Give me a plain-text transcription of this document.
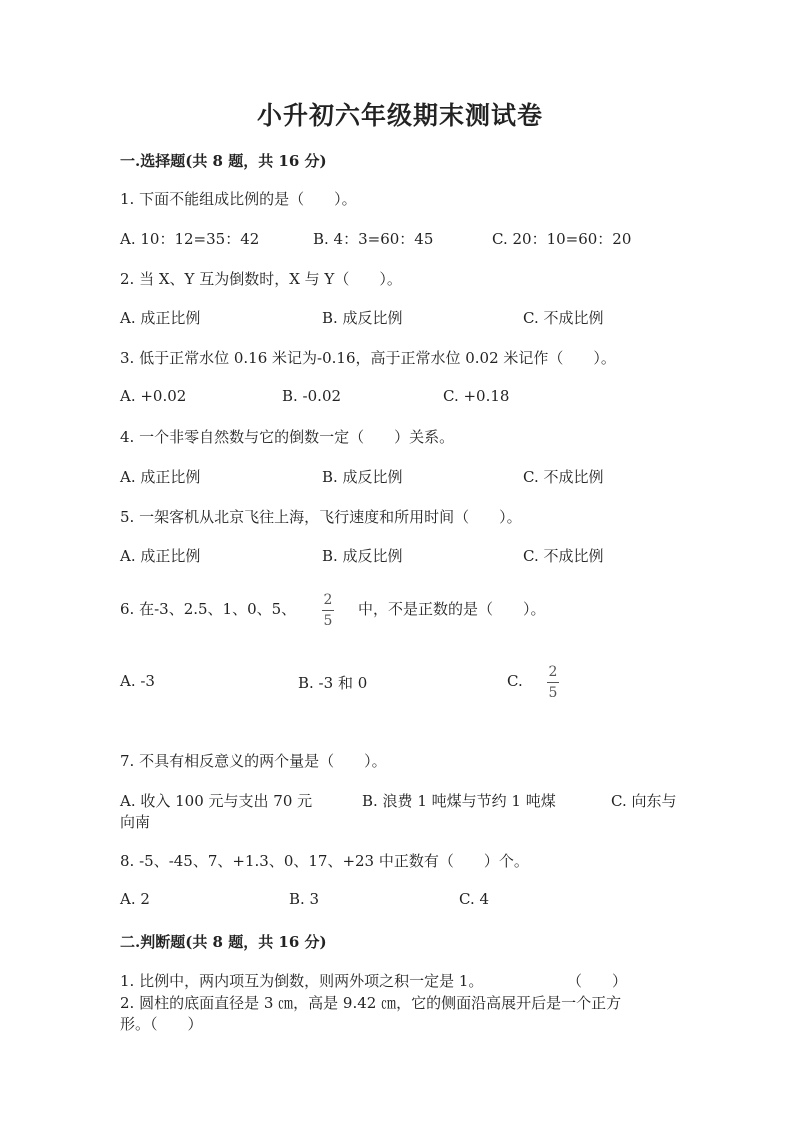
小升初六年级期末测试卷
一.选择题(共 8 题，共 16 分)
1. 下面不能组成比例的是（　　）。
A. 10：12=35：42	B. 4：3=60：45	C. 20：10=60：20
2. 当 X、Y 互为倒数时，X 与 Y（　　）。
A. 成正比例	B. 成反比例	C. 不成比例
3. 低于正常水位 0.16 米记为-0.16，高于正常水位 0.02 米记作（　　）。
A. +0.02	B. -0.02	C. +0.18
4. 一个非零自然数与它的倒数一定（　　）关系。
A. 成正比例	B. 成反比例	C. 不成比例
5. 一架客机从北京飞往上海，飞行速度和所用时间（　　）。
A. 成正比例	B. 成反比例	C. 不成比例
6. 在-3、2.5、1、0、5、 2
5
中，不是正数的是（　　）。
A. -3	B. -3 和 0	C. 2
5
7. 不具有相反意义的两个量是（　　）。
A. 收入 100 元与支出 70 元	B. 浪费 1 吨煤与节约 1 吨煤	C. 向东与
向南
8. -5、-45、7、+1.3、0、17、+23 中正数有（　　）个。
A. 2	B. 3	C. 4
二.判断题(共 8 题，共 16 分)
1. 比例中，两内项互为倒数，则两外项之积一定是 1。	（　　）
2. 圆柱的底面直径是 3 ㎝，高是 9.42 ㎝，它的侧面沿高展开后是一个正方
形。（　　）
